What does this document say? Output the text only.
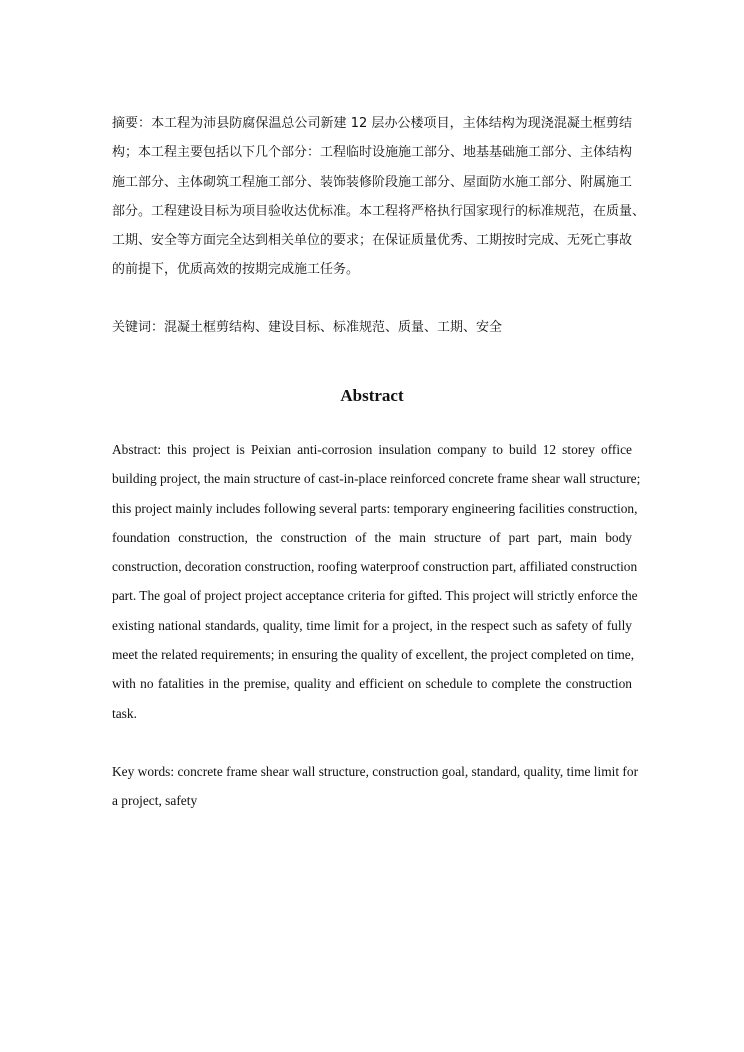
摘要：本工程为沛县防腐保温总公司新建 12 层办公楼项目，主体结构为现浇混凝土框剪结
构；本工程主要包括以下几个部分：工程临时设施施工部分、地基基础施工部分、主体结构
施工部分、主体砌筑工程施工部分、装饰装修阶段施工部分、屋面防水施工部分、附属施工
部分。工程建设目标为项目验收达优标准。本工程将严格执行国家现行的标准规范，在质量、
工期、安全等方面完全达到相关单位的要求；在保证质量优秀、工期按时完成、无死亡事故
的前提下，优质高效的按期完成施工任务。
关键词：混凝土框剪结构、建设目标、标准规范、质量、工期、安全
Abstract
Abstract: this project is Peixian anti-corrosion insulation company to build 12 storey office
building project, the main structure of cast-in-place reinforced concrete frame shear wall structure;
this project mainly includes following several parts: temporary engineering facilities construction,
foundation construction, the construction of the main structure of part part, main body
construction, decoration construction, roofing waterproof construction part, affiliated construction
part. The goal of project project acceptance criteria for gifted. This project will strictly enforce the
existing national standards, quality, time limit for a project, in the respect such as safety of fully
meet the related requirements; in ensuring the quality of excellent, the project completed on time,
with no fatalities in the premise, quality and efficient on schedule to complete the construction
task.
Key words: concrete frame shear wall structure, construction goal, standard, quality, time limit for
a project, safety
